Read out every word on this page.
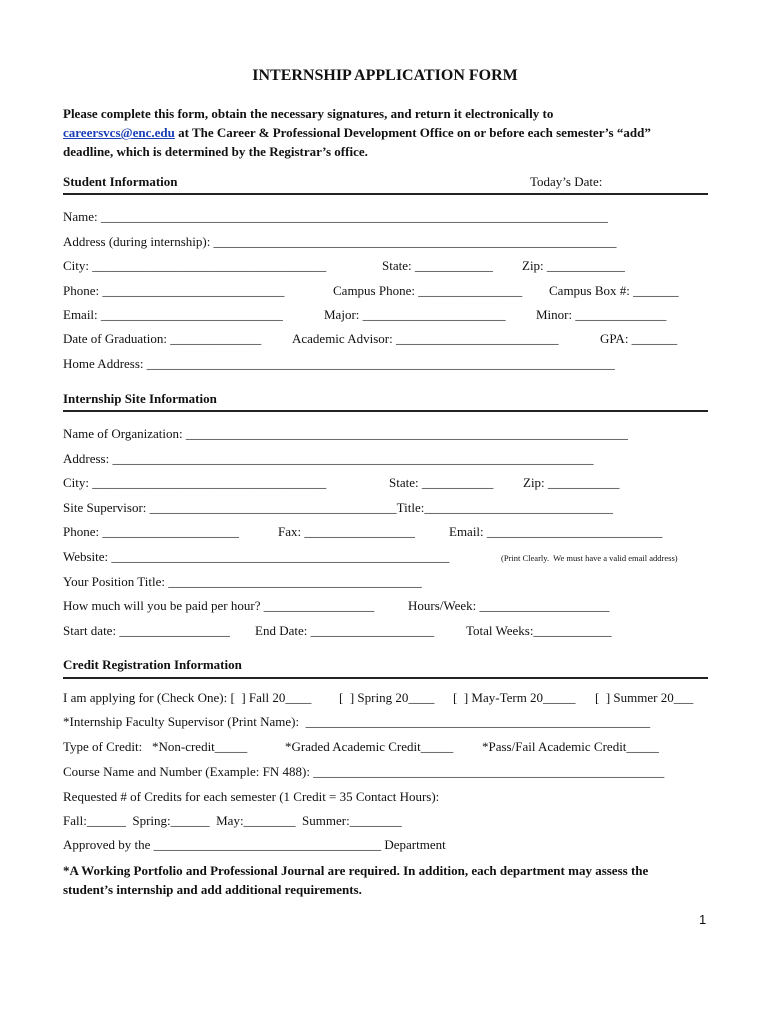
INTERNSHIP APPLICATION FORM
Please complete this form, obtain the necessary signatures, and return it electronically to
careersvcs@enc.edu at The Career & Professional Development Office on or before each semester’s “add”
deadline, which is determined by the Registrar’s office.
Student Information	Today’s Date:
Name: ______________________________________________________________________________
Address (during internship): ______________________________________________________________
City: ____________________________________	State: ____________ Zip: ____________
Phone: ____________________________	Campus Phone: ________________ Campus Box #: _______
Email: ____________________________	Major: ______________________ Minor: ______________
Date of Graduation: ______________ Academic Advisor: _________________________	GPA: _______
Home Address: ________________________________________________________________________
Internship Site Information
Name of Organization: ____________________________________________________________________
Address: __________________________________________________________________________
City: ____________________________________	State: ___________ Zip: ___________
Site Supervisor: ______________________________________Title:_____________________________
Phone: _____________________	Fax: _________________	Email: ___________________________
Website: ____________________________________________________	(Print Clearly.  We must have a valid email address)
Your Position Title: _______________________________________
How much will you be paid per hour? _________________	Hours/Week: ____________________
Start date: _________________ End Date: ___________________ Total Weeks:____________
Credit Registration Information
I am applying for (Check One): [  ] Fall 20____ [  ] Spring 20____ [  ] May-Term 20_____ [  ] Summer 20___
*Internship Faculty Supervisor (Print Name):  _____________________________________________________
Type of Credit:   *Non-credit_____	*Graded Academic Credit_____ *Pass/Fail Academic Credit_____
Course Name and Number (Example: FN 488): ______________________________________________________
Requested # of Credits for each semester (1 Credit = 35 Contact Hours):
Fall:______  Spring:______  May:________  Summer:________
Approved by the ___________________________________ Department
*A Working Portfolio and Professional Journal are required. In addition, each department may assess the
student’s internship and add additional requirements.
1
